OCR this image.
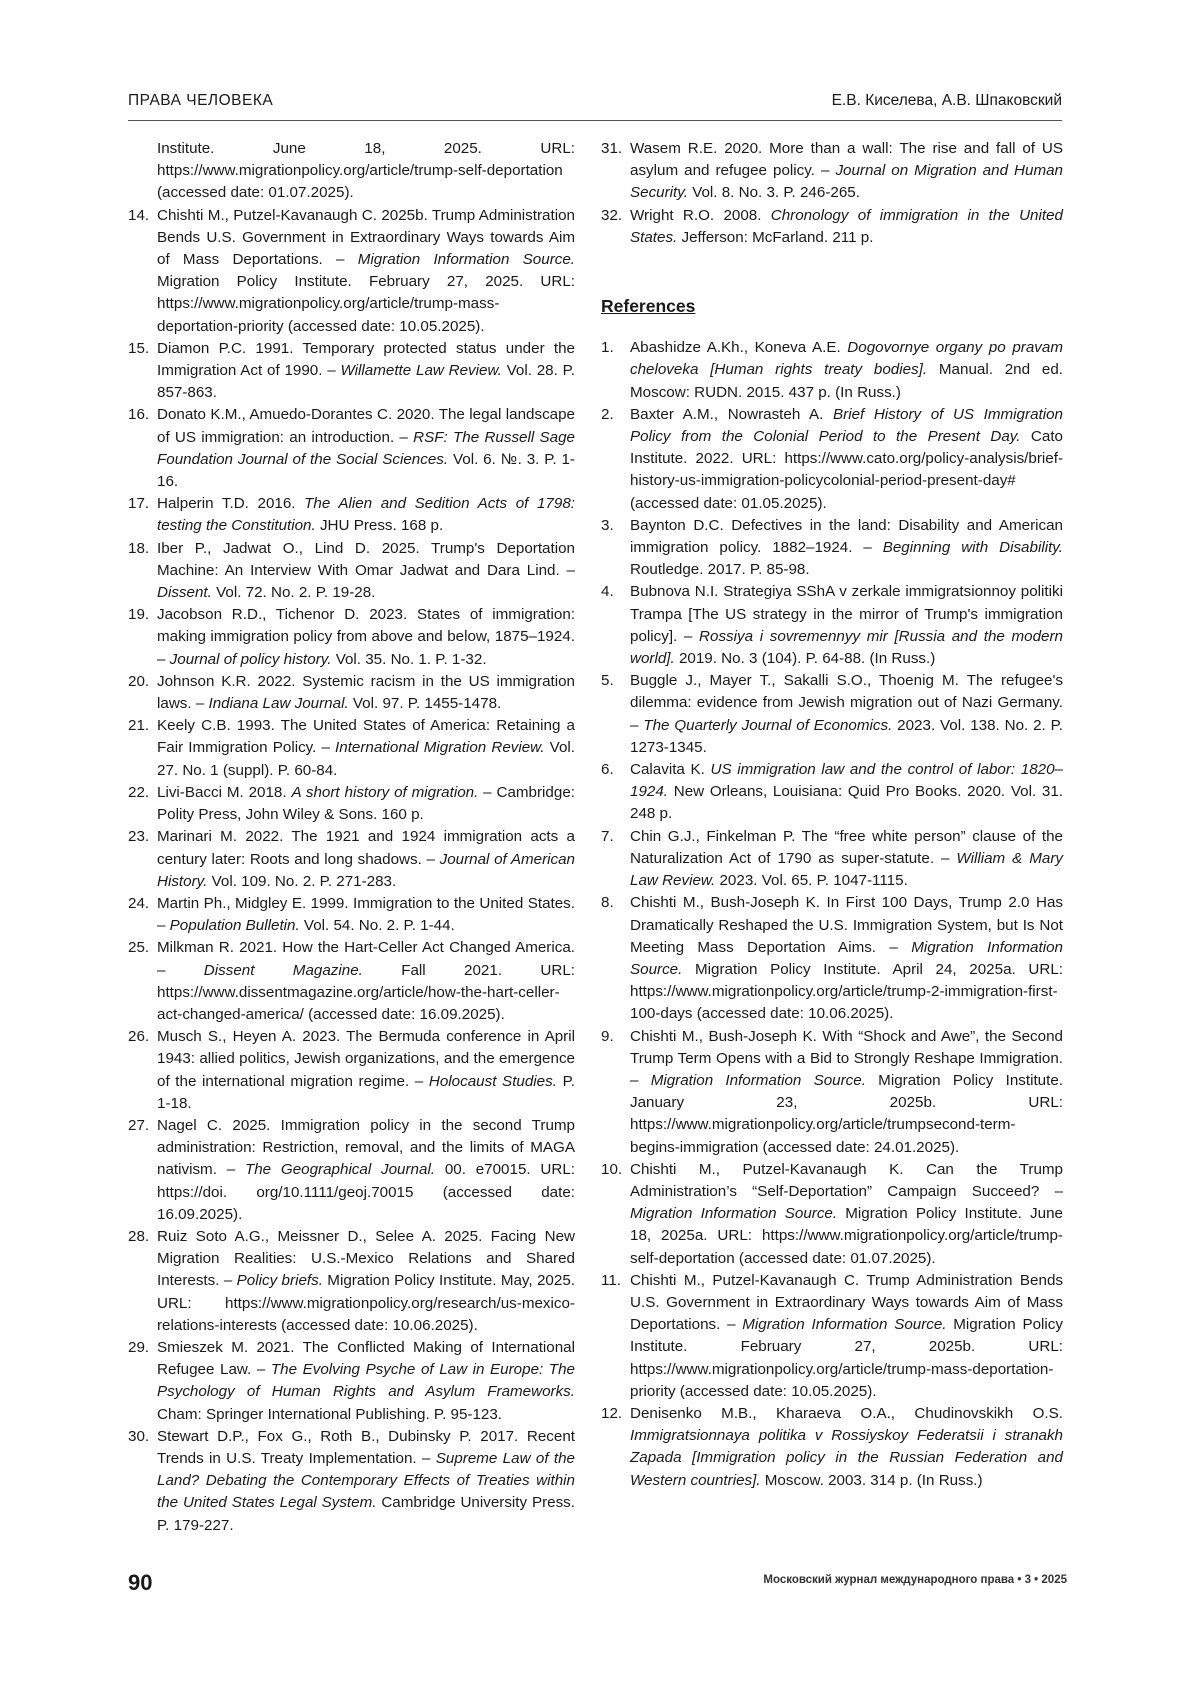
ПРАВА ЧЕЛОВЕКА	Е.В. Киселева, А.В. Шпаковский
Institute. June 18, 2025. URL: https://www.migrationpolicy.org/article/trump-self-deportation (accessed date: 01.07.2025).
14. Chishti M., Putzel-Kavanaugh C. 2025b. Trump Administration Bends U.S. Government in Extraordinary Ways towards Aim of Mass Deportations. – Migration Information Source. Migration Policy Institute. February 27, 2025. URL: https://www.migrationpolicy.org/article/trump-mass-deportation-priority (accessed date: 10.05.2025).
15. Diamon P.C. 1991. Temporary protected status under the Immigration Act of 1990. – Willamette Law Review. Vol. 28. P. 857-863.
16. Donato K.M., Amuedo-Dorantes C. 2020. The legal landscape of US immigration: an introduction. – RSF: The Russell Sage Foundation Journal of the Social Sciences. Vol. 6. №. 3. P. 1-16.
17. Halperin T.D. 2016. The Alien and Sedition Acts of 1798: testing the Constitution. JHU Press. 168 p.
18. Iber P., Jadwat O., Lind D. 2025. Trump's Deportation Machine: An Interview With Omar Jadwat and Dara Lind. – Dissent. Vol. 72. No. 2. P. 19-28.
19. Jacobson R.D., Tichenor D. 2023. States of immigration: making immigration policy from above and below, 1875–1924. – Journal of policy history. Vol. 35. No. 1. P. 1-32.
20. Johnson K.R. 2022. Systemic racism in the US immigration laws. – Indiana Law Journal. Vol. 97. P. 1455-1478.
21. Keely C.B. 1993. The United States of America: Retaining a Fair Immigration Policy. – International Migration Review. Vol. 27. No. 1 (suppl). P. 60-84.
22. Livi-Bacci M. 2018. A short history of migration. – Cambridge: Polity Press, John Wiley & Sons. 160 p.
23. Marinari M. 2022. The 1921 and 1924 immigration acts a century later: Roots and long shadows. – Journal of American History. Vol. 109. No. 2. P. 271-283.
24. Martin Ph., Midgley E. 1999. Immigration to the United States. – Population Bulletin. Vol. 54. No. 2. P. 1-44.
25. Milkman R. 2021. How the Hart-Celler Act Changed America. – Dissent Magazine. Fall 2021. URL: https://www.dissentmagazine.org/article/how-the-hart-celler-act-changed-america/ (accessed date: 16.09.2025).
26. Musch S., Heyen A. 2023. The Bermuda conference in April 1943: allied politics, Jewish organizations, and the emergence of the international migration regime. – Holocaust Studies. P. 1-18.
27. Nagel C. 2025. Immigration policy in the second Trump administration: Restriction, removal, and the limits of MAGA nativism. – The Geographical Journal. 00. e70015. URL: https://doi. org/10.1111/geoj.70015 (accessed date: 16.09.2025).
28. Ruiz Soto A.G., Meissner D., Selee A. 2025. Facing New Migration Realities: U.S.-Mexico Relations and Shared Interests. – Policy briefs. Migration Policy Institute. May, 2025. URL: https://www.migrationpolicy.org/research/us-mexico-relations-interests (accessed date: 10.06.2025).
29. Smieszek M. 2021. The Conflicted Making of International Refugee Law. – The Evolving Psyche of Law in Europe: The Psychology of Human Rights and Asylum Frameworks. Cham: Springer International Publishing. P. 95-123.
30. Stewart D.P., Fox G., Roth B., Dubinsky P. 2017. Recent Trends in U.S. Treaty Implementation. – Supreme Law of the Land? Debating the Contemporary Effects of Treaties within the United States Legal System. Cambridge University Press. P. 179-227.
31. Wasem R.E. 2020. More than a wall: The rise and fall of US asylum and refugee policy. – Journal on Migration and Human Security. Vol. 8. No. 3. P. 246-265.
32. Wright R.O. 2008. Chronology of immigration in the United States. Jefferson: McFarland. 211 p.
References
1.	Abashidze A.Kh., Koneva A.E. Dogovornye organy po pravam cheloveka [Human rights treaty bodies]. Manual. 2nd ed. Moscow: RUDN. 2015. 437 p. (In Russ.)
2.	Baxter A.M., Nowrasteh A. Brief History of US Immigration Policy from the Colonial Period to the Present Day. Cato Institute. 2022. URL: https://www.cato.org/policy-analysis/brief-history-us-immigration-policycolonial-period-present-day# (accessed date: 01.05.2025).
3.	Baynton D.C. Defectives in the land: Disability and American immigration policy. 1882–1924. – Beginning with Disability. Routledge. 2017. P. 85-98.
4.	Bubnova N.I. Strategiya SShA v zerkale immigratsionnoy politiki Trampa [The US strategy in the mirror of Trump's immigration policy]. – Rossiya i sovremennyy mir [Russia and the modern world]. 2019. No. 3 (104). P. 64-88. (In Russ.)
5.	Buggle J., Mayer T., Sakalli S.O., Thoenig M. The refugee's dilemma: evidence from Jewish migration out of Nazi Germany. – The Quarterly Journal of Economics. 2023. Vol. 138. No. 2. P. 1273-1345.
6.	Calavita K. US immigration law and the control of labor: 1820–1924. New Orleans, Louisiana: Quid Pro Books. 2020. Vol. 31. 248 p.
7.	Chin G.J., Finkelman P. The “free white person” clause of the Naturalization Act of 1790 as super-statute. – William & Mary Law Review. 2023. Vol. 65. P. 1047-1115.
8.	Chishti M., Bush-Joseph K. In First 100 Days, Trump 2.0 Has Dramatically Reshaped the U.S. Immigration System, but Is Not Meeting Mass Deportation Aims. – Migration Information Source. Migration Policy Institute. April 24, 2025a. URL: https://www.migrationpolicy.org/article/trump-2-immigration-first-100-days (accessed date: 10.06.2025).
9.	Chishti M., Bush-Joseph K. With “Shock and Awe”, the Second Trump Term Opens with a Bid to Strongly Reshape Immigration. – Migration Information Source. Migration Policy Institute. January 23, 2025b. URL: https://www.migrationpolicy.org/article/trumpsecond-term-begins-immigration (accessed date: 24.01.2025).
10. Chishti M., Putzel-Kavanaugh K. Can the Trump Administration’s “Self-Deportation” Campaign Succeed? – Migration Information Source. Migration Policy Institute. June 18, 2025a. URL: https://www.migrationpolicy.org/article/trump-self-deportation (accessed date: 01.07.2025).
11. Chishti M., Putzel-Kavanaugh C. Trump Administration Bends U.S. Government in Extraordinary Ways towards Aim of Mass Deportations. – Migration Information Source. Migration Policy Institute. February 27, 2025b. URL: https://www.migrationpolicy.org/article/trump-mass-deportation-priority (accessed date: 10.05.2025).
12. Denisenko M.B., Kharaeva O.A., Chudinovskikh O.S. Immigratsionnaya politika v Rossiyskoy Federatsii i stranakh Zapada [Immigration policy in the Russian Federation and Western countries]. Moscow. 2003. 314 p. (In Russ.)
90	Московский журнал международного права • 3 • 2025
